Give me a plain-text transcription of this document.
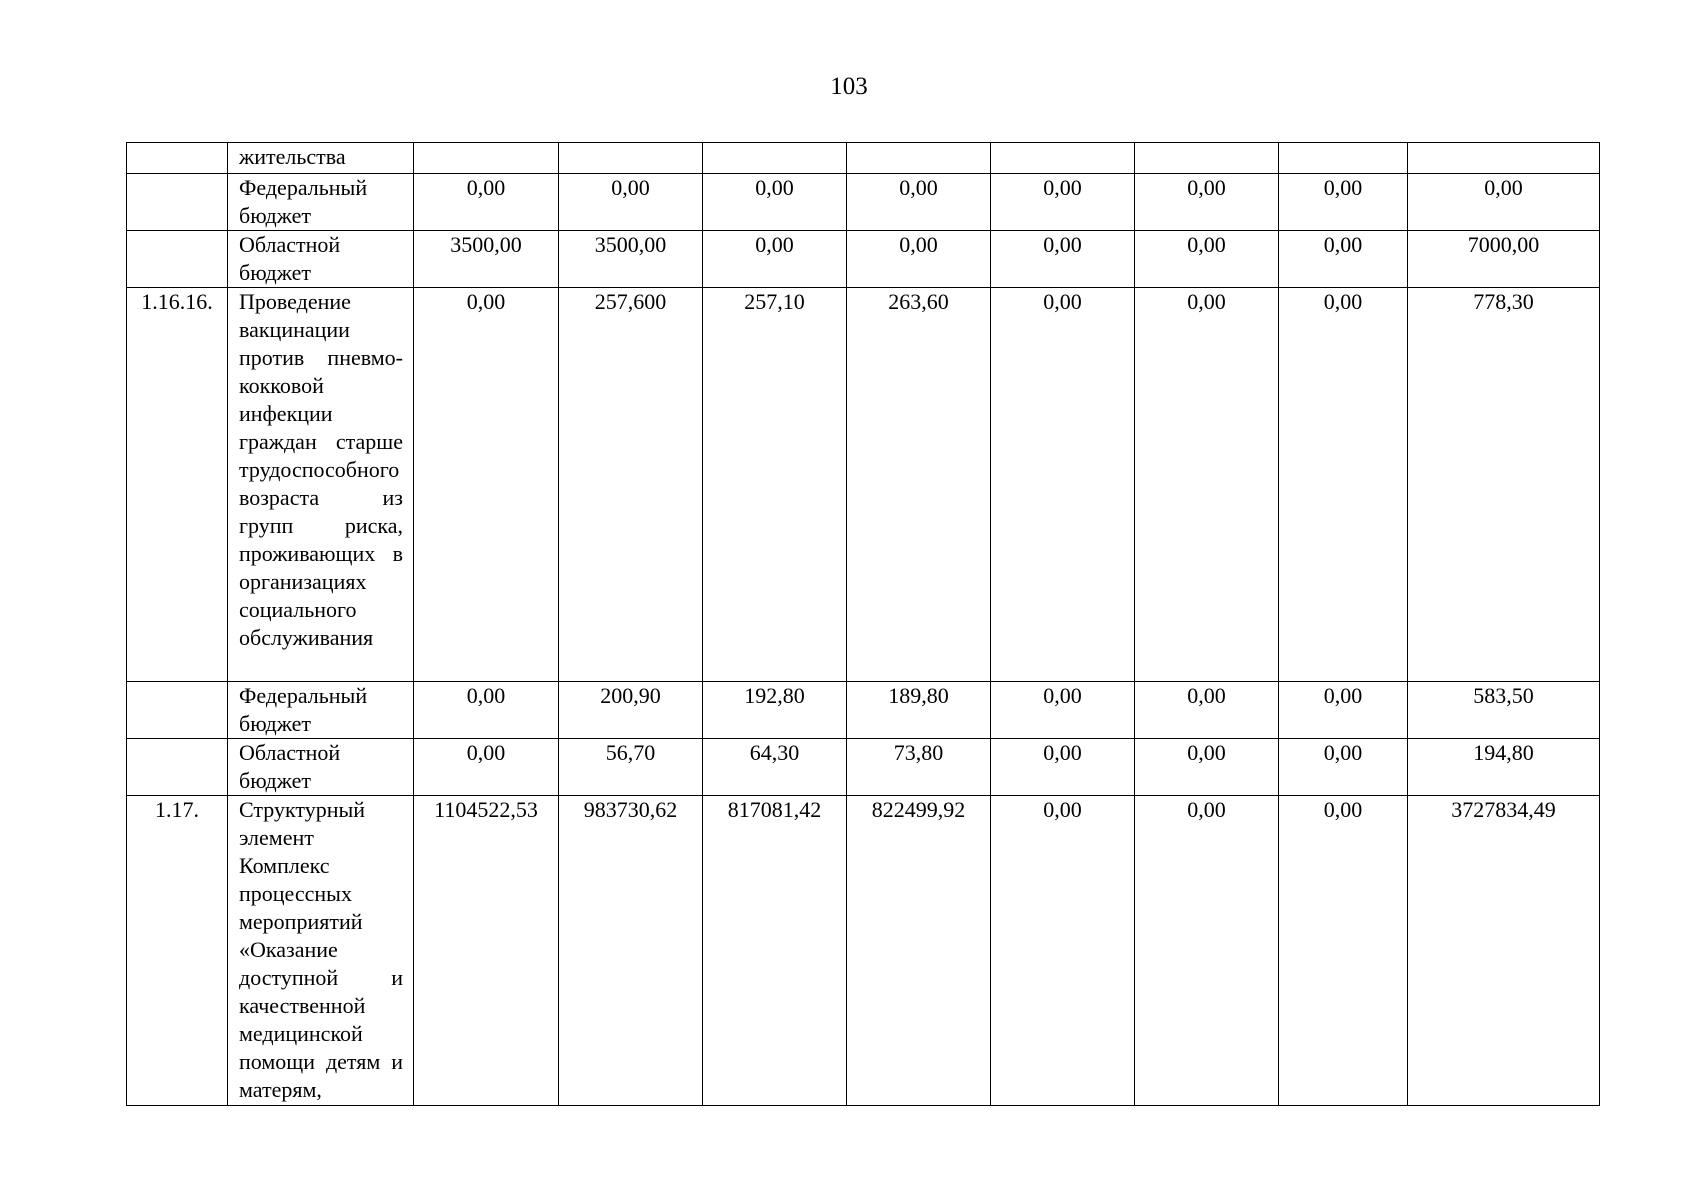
103
	жительства								
	Федеральный бюджет	0,00	0,00	0,00	0,00	0,00	0,00	0,00	0,00
	Областной бюджет	3500,00	3500,00	0,00	0,00	0,00	0,00	0,00	7000,00
1.16.16.	Проведение вакцинации против пневмококковой инфекции граждан старше трудоспособного возраста из групп риска, проживающих в организациях социального обслуживания	0,00	257,600	257,10	263,60	0,00	0,00	0,00	778,30
	Федеральный бюджет	0,00	200,90	192,80	189,80	0,00	0,00	0,00	583,50
	Областной бюджет	0,00	56,70	64,30	73,80	0,00	0,00	0,00	194,80
1.17.	Структурный элемент Комплекс процессных мероприятий «Оказание доступной и качественной медицинской помощи детям и матерям,	1104522,53	983730,62	817081,42	822499,92	0,00	0,00	0,00	3727834,49
